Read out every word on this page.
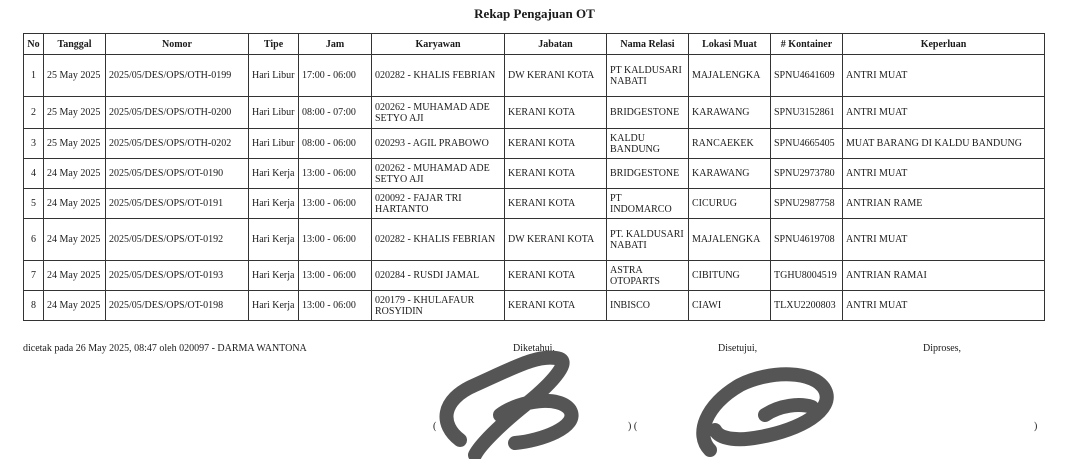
Rekap Pengajuan OT
No	Tanggal	Nomor	Tipe	Jam	Karyawan	Jabatan	Nama Relasi	Lokasi Muat	# Kontainer	Keperluan
1	25 May 2025	2025/05/DES/OPS/OTH-0199	Hari Libur	17:00 - 06:00	020282 - KHALIS FEBRIAN	DW KERANI KOTA	PT KALDUSARI NABATI	MAJALENGKA	SPNU4641609	ANTRI MUAT
2	25 May 2025	2025/05/DES/OPS/OTH-0200	Hari Libur	08:00 - 07:00	020262 - MUHAMAD ADE SETYO AJI	KERANI KOTA	BRIDGESTONE	KARAWANG	SPNU3152861	ANTRI MUAT
3	25 May 2025	2025/05/DES/OPS/OTH-0202	Hari Libur	08:00 - 06:00	020293 - AGIL PRABOWO	KERANI KOTA	KALDU BANDUNG	RANCAEKEK	SPNU4665405	MUAT BARANG DI KALDU BANDUNG
4	24 May 2025	2025/05/DES/OPS/OT-0190	Hari Kerja	13:00 - 06:00	020262 - MUHAMAD ADE SETYO AJI	KERANI KOTA	BRIDGESTONE	KARAWANG	SPNU2973780	ANTRI MUAT
5	24 May 2025	2025/05/DES/OPS/OT-0191	Hari Kerja	13:00 - 06:00	020092 - FAJAR TRI HARTANTO	KERANI KOTA	PT INDOMARCO	CICURUG	SPNU2987758	ANTRIAN RAME
6	24 May 2025	2025/05/DES/OPS/OT-0192	Hari Kerja	13:00 - 06:00	020282 - KHALIS FEBRIAN	DW KERANI KOTA	PT. KALDUSARI NABATI	MAJALENGKA	SPNU4619708	ANTRI MUAT
7	24 May 2025	2025/05/DES/OPS/OT-0193	Hari Kerja	13:00 - 06:00	020284 - RUSDI JAMAL	KERANI KOTA	ASTRA OTOPARTS	CIBITUNG	TGHU8004519	ANTRIAN RAMAI
8	24 May 2025	2025/05/DES/OPS/OT-0198	Hari Kerja	13:00 - 06:00	020179 - KHULAFAUR ROSYIDIN	KERANI KOTA	INBISCO	CIAWI	TLXU2200803	ANTRI MUAT
dicetak pada 26 May 2025, 08:47 oleh 020097 - DARMA WANTONA	Diketahui,	Disetujui,	Diproses,
(	) (	)
